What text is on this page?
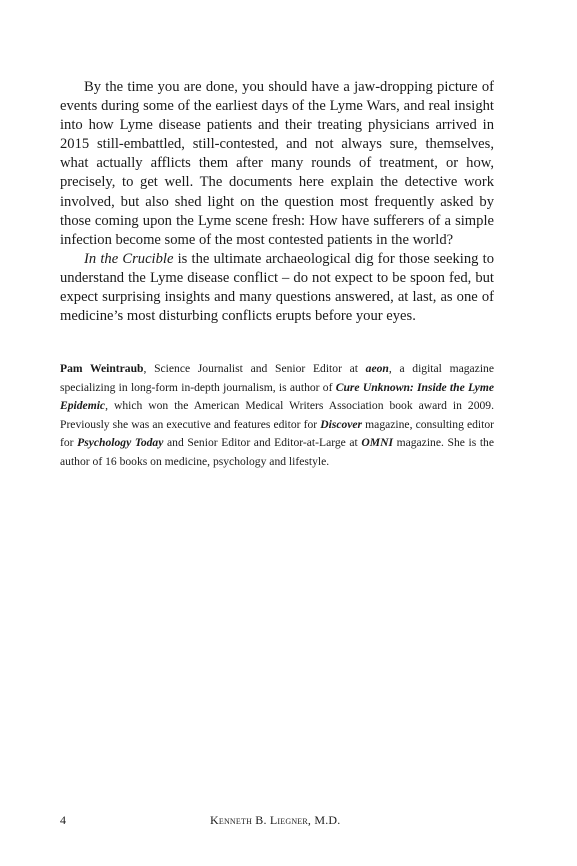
By the time you are done, you should have a jaw-dropping picture of events during some of the earliest days of the Lyme Wars, and real insight into how Lyme disease patients and their treating physicians arrived in 2015 still-embattled, still-contested, and not always sure, themselves, what actually afflicts them after many rounds of treatment, or how, precisely, to get well. The documents here explain the detective work involved, but also shed light on the question most frequently asked by those coming upon the Lyme scene fresh: How have sufferers of a simple infection become some of the most contested patients in the world?

In the Crucible is the ultimate archaeological dig for those seeking to understand the Lyme disease conflict – do not expect to be spoon fed, but expect surprising insights and many questions answered, at last, as one of medicine’s most disturbing conflicts erupts before your eyes.

Pam Weintraub, Science Journalist and Senior Editor at aeon, a digital magazine specializing in long-form in-depth journalism, is author of Cure Unknown: Inside the Lyme Epidemic, which won the American Medical Writers Association book award in 2009. Previously she was an executive and features editor for Discover magazine, consulting editor for Psychology Today and Senior Editor and Editor-at-Large at OMNI magazine. She is the author of 16 books on medicine, psychology and lifestyle.

4	Kenneth B. Liegner, M.D.
